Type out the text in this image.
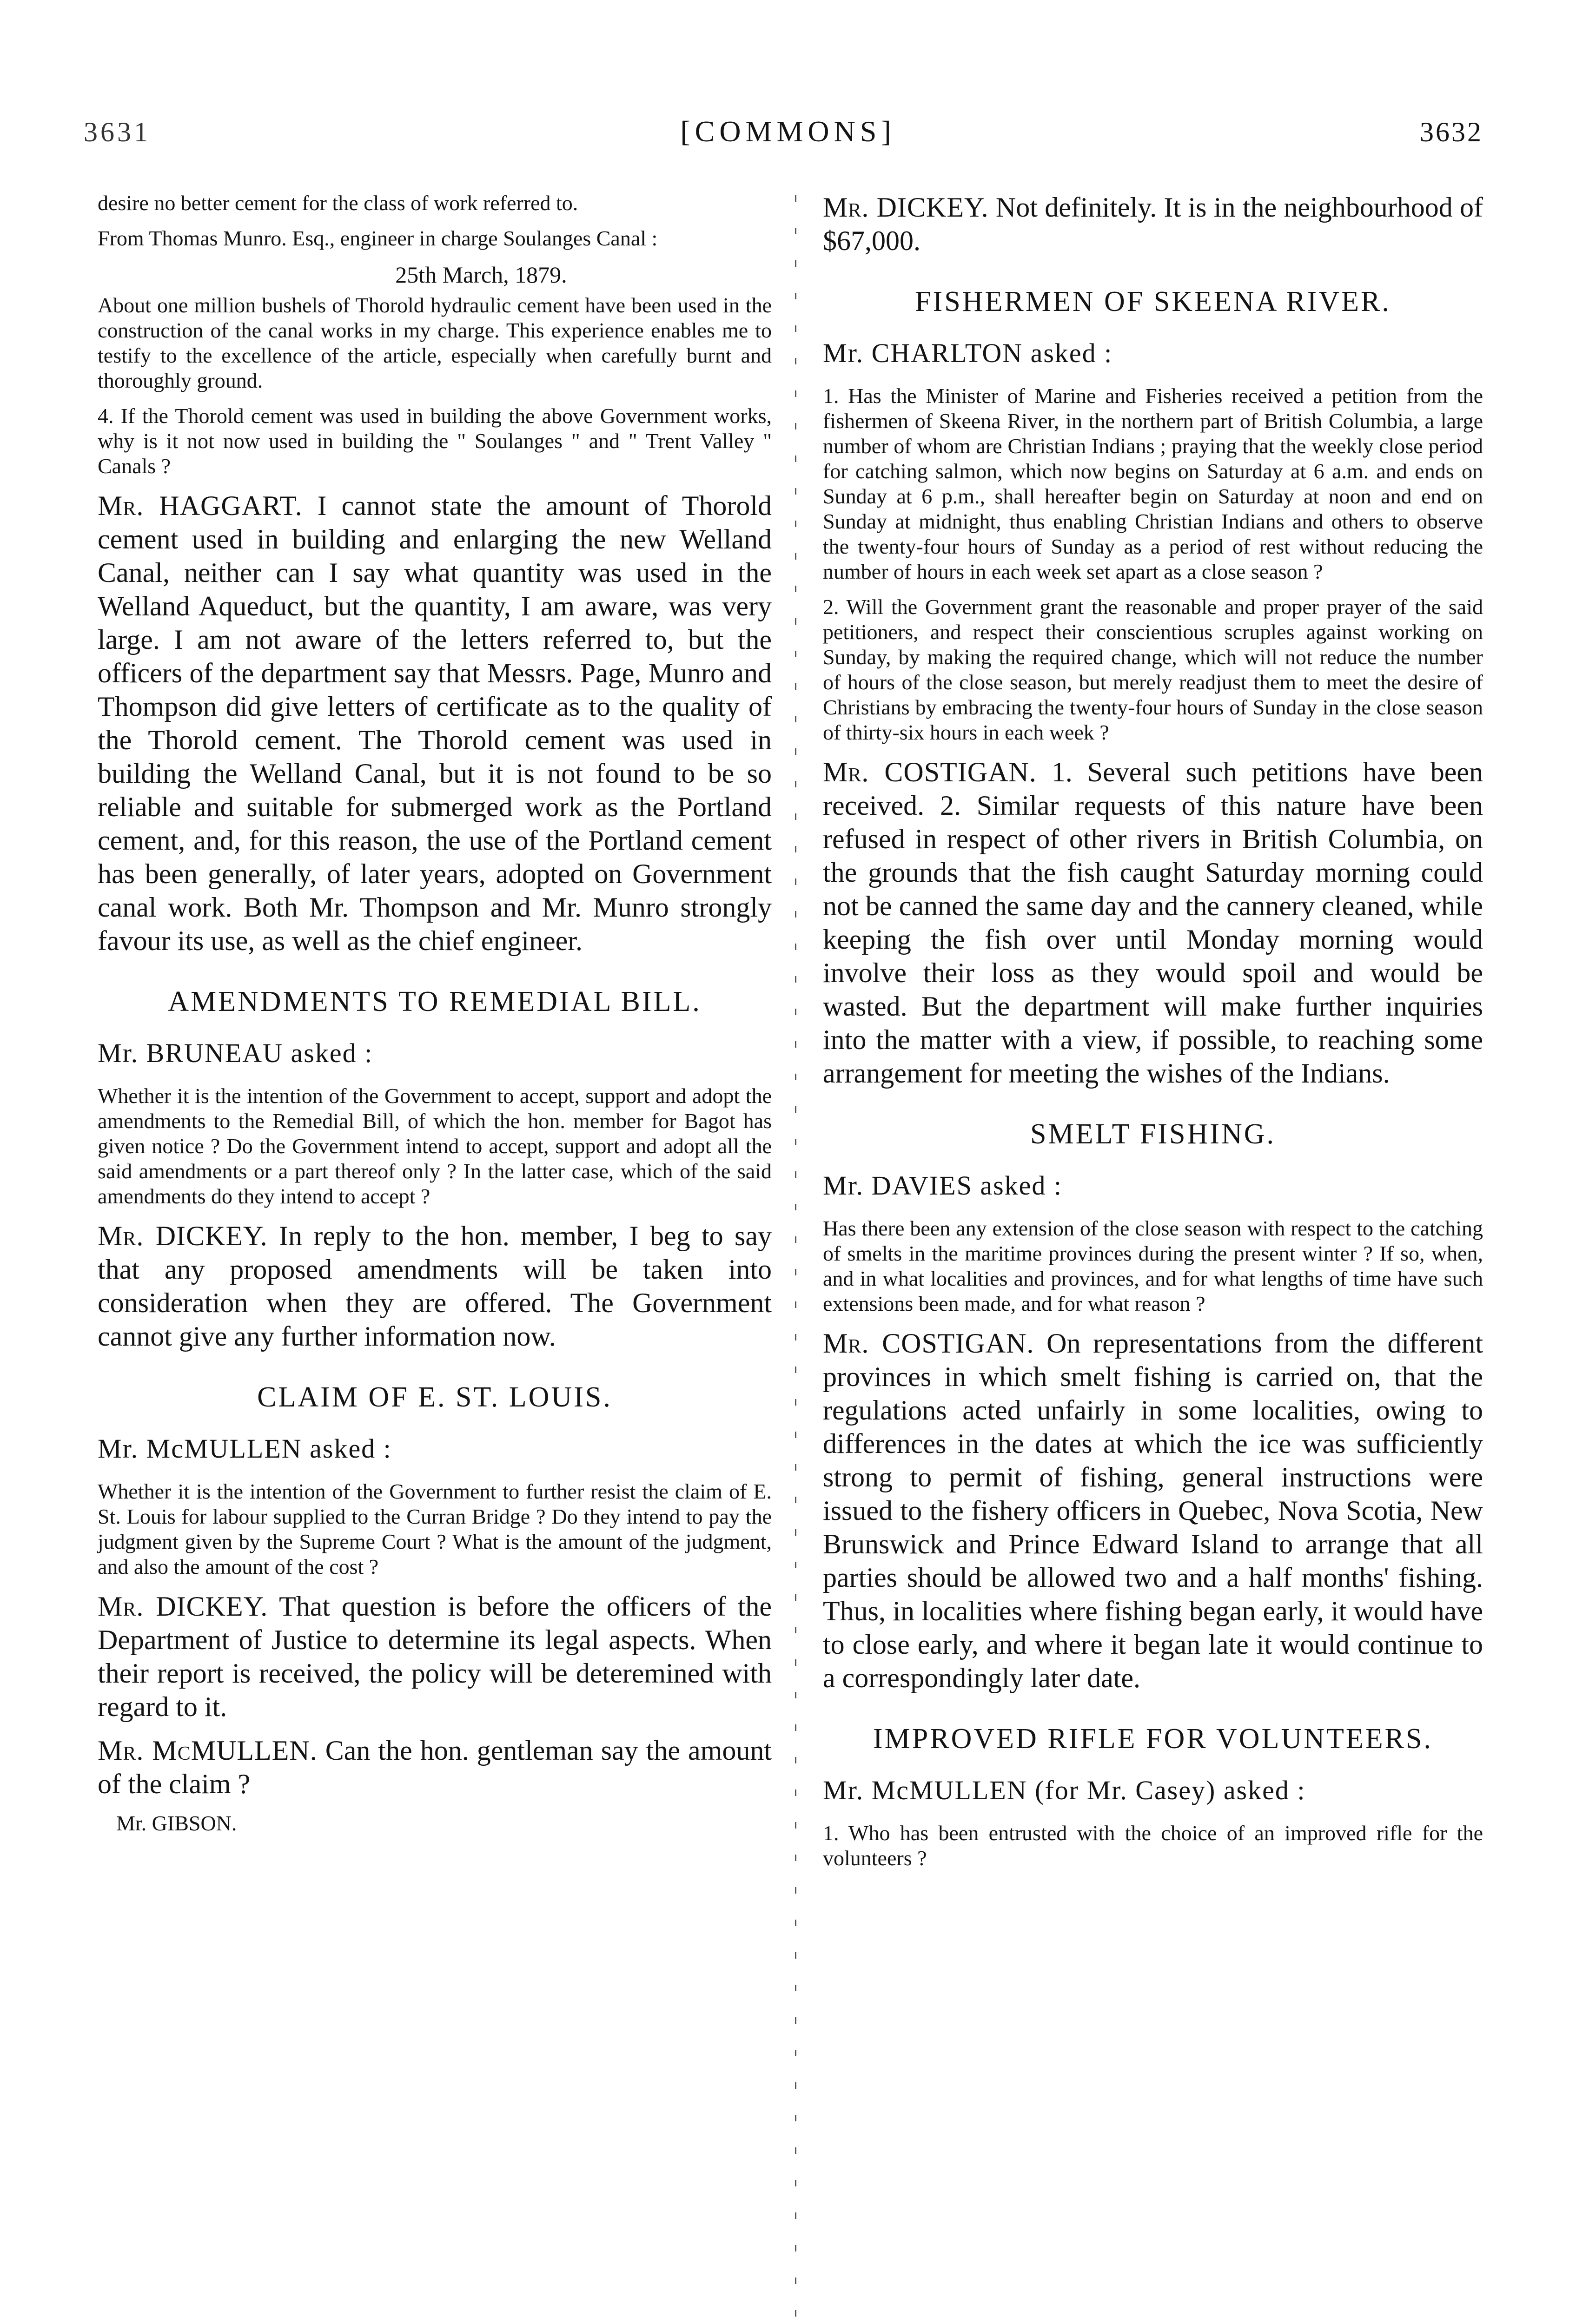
3631	[COMMONS]	3632

desire no better cement for the class of work referred to.

From Thomas Munro. Esq., engineer in charge Soulanges Canal :

25th March, 1879.

About one million bushels of Thorold hydraulic cement have been used in the construction of the canal works in my charge. This experience enables me to testify to the excellence of the article, especially when carefully burnt and thoroughly ground.

4. If the Thorold cement was used in building the above Government works, why is it not now used in building the " Soulanges " and " Trent Valley " Canals ?

Mr. HAGGART. I cannot state the amount of Thorold cement used in building and enlarging the new Welland Canal, neither can I say what quantity was used in the Welland Aqueduct, but the quantity, I am aware, was very large. I am not aware of the letters referred to, but the officers of the department say that Messrs. Page, Munro and Thompson did give letters of certificate as to the quality of the Thorold cement. The Thorold cement was used in building the Welland Canal, but it is not found to be so reliable and suitable for submerged work as the Portland cement, and, for this reason, the use of the Portland cement has been generally, of later years, adopted on Government canal work. Both Mr. Thompson and Mr. Munro strongly favour its use, as well as the chief engineer.

AMENDMENTS TO REMEDIAL BILL.
Mr. BRUNEAU asked :

Whether it is the intention of the Government to accept, support and adopt the amendments to the Remedial Bill, of which the hon. member for Bagot has given notice ? Do the Government intend to accept, support and adopt all the said amendments or a part thereof only ? In the latter case, which of the said amendments do they intend to accept ?

Mr. DICKEY. In reply to the hon. member, I beg to say that any proposed amendments will be taken into consideration when they are offered. The Government cannot give any further information now.

CLAIM OF E. ST. LOUIS.
Mr. McMULLEN asked :

Whether it is the intention of the Government to further resist the claim of E. St. Louis for labour supplied to the Curran Bridge ? Do they intend to pay the judgment given by the Supreme Court ? What is the amount of the judgment, and also the amount of the cost ?

Mr. DICKEY. That question is before the officers of the Department of Justice to determine its legal aspects. When their report is received, the policy will be deteremined with regard to it.

Mr. McMULLEN. Can the hon. gentleman say the amount of the claim ?

Mr. GIBSON.

Mr. DICKEY. Not definitely. It is in the neighbourhood of $67,000.

FISHERMEN OF SKEENA RIVER.
Mr. CHARLTON asked :

1. Has the Minister of Marine and Fisheries received a petition from the fishermen of Skeena River, in the northern part of British Columbia, a large number of whom are Christian Indians ; praying that the weekly close period for catching salmon, which now begins on Saturday at 6 a.m. and ends on Sunday at 6 p.m., shall hereafter begin on Saturday at noon and end on Sunday at midnight, thus enabling Christian Indians and others to observe the twenty-four hours of Sunday as a period of rest without reducing the number of hours in each week set apart as a close season ?

2. Will the Government grant the reasonable and proper prayer of the said petitioners, and respect their conscientious scruples against working on Sunday, by making the required change, which will not reduce the number of hours of the close season, but merely readjust them to meet the desire of Christians by embracing the twenty-four hours of Sunday in the close season of thirty-six hours in each week ?

Mr. COSTIGAN. 1. Several such petitions have been received. 2. Similar requests of this nature have been refused in respect of other rivers in British Columbia, on the grounds that the fish caught Saturday morning could not be canned the same day and the cannery cleaned, while keeping the fish over until Monday morning would involve their loss as they would spoil and would be wasted. But the department will make further inquiries into the matter with a view, if possible, to reaching some arrangement for meeting the wishes of the Indians.

SMELT FISHING.
Mr. DAVIES asked :

Has there been any extension of the close season with respect to the catching of smelts in the maritime provinces during the present winter ? If so, when, and in what localities and provinces, and for what lengths of time have such extensions been made, and for what reason ?

Mr. COSTIGAN. On representations from the different provinces in which smelt fishing is carried on, that the regulations acted unfairly in some localities, owing to differences in the dates at which the ice was sufficiently strong to permit of fishing, general instructions were issued to the fishery officers in Quebec, Nova Scotia, New Brunswick and Prince Edward Island to arrange that all parties should be allowed two and a half months' fishing. Thus, in localities where fishing began early, it would have to close early, and where it began late it would continue to a correspondingly later date.

IMPROVED RIFLE FOR VOLUNTEERS.
Mr. McMULLEN (for Mr. Casey) asked :

1. Who has been entrusted with the choice of an improved rifle for the volunteers ?
